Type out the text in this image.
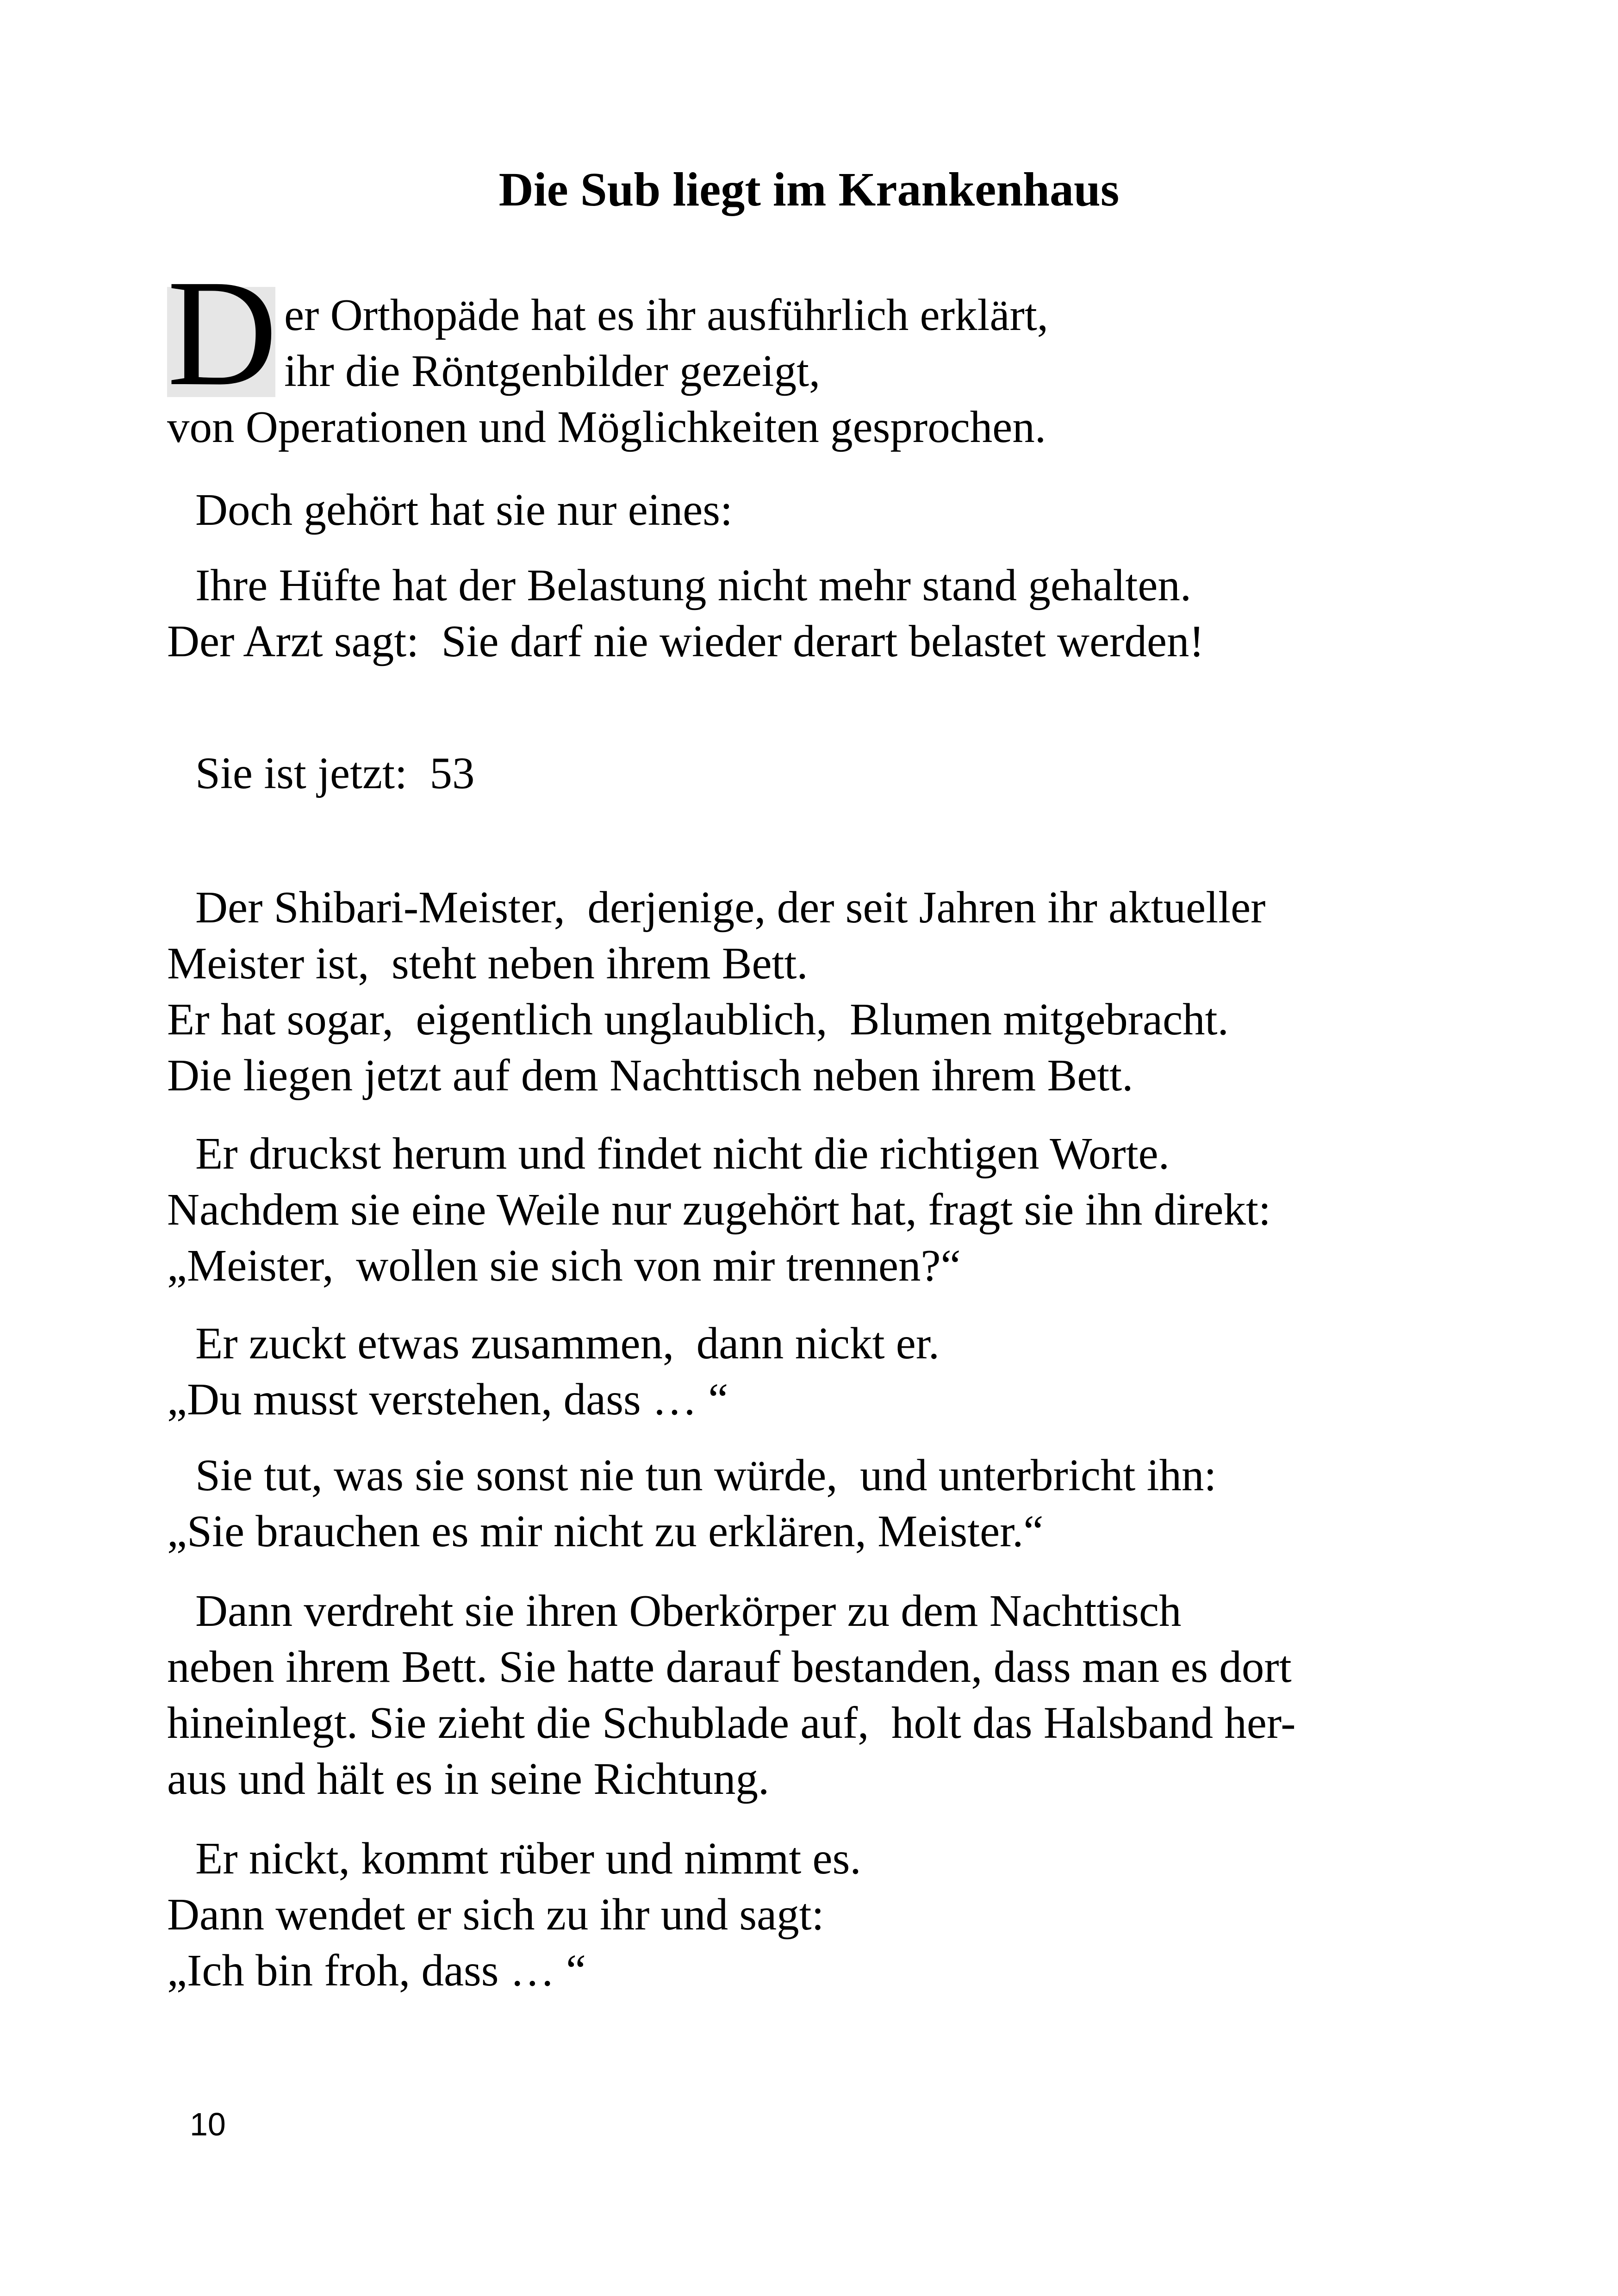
Die Sub liegt im Krankenhaus
D er Orthopäde hat es ihr ausführlich erklärt,
ihr die Röntgenbilder gezeigt,
von Operationen und Möglichkeiten gesprochen.
Doch gehört hat sie nur eines:
Ihre Hüfte hat der Belastung nicht mehr stand gehalten.
Der Arzt sagt:  Sie darf nie wieder derart belastet werden!
Sie ist jetzt:  53
Der Shibari-Meister,  derjenige, der seit Jahren ihr aktueller
Meister ist,  steht neben ihrem Bett.
Er hat sogar,  eigentlich unglaublich,  Blumen mitgebracht.
Die liegen jetzt auf dem Nachttisch neben ihrem Bett.
Er druckst herum und findet nicht die richtigen Worte.
Nachdem sie eine Weile nur zugehört hat, fragt sie ihn direkt:
„Meister,  wollen sie sich von mir trennen?“
Er zuckt etwas zusammen,  dann nickt er.
„Du musst verstehen, dass … “
Sie tut, was sie sonst nie tun würde,  und unterbricht ihn:
„Sie brauchen es mir nicht zu erklären, Meister.“
Dann verdreht sie ihren Oberkörper zu dem Nachttisch
neben ihrem Bett. Sie hatte darauf bestanden, dass man es dort
hineinlegt. Sie zieht die Schublade auf,  holt das Halsband her-
aus und hält es in seine Richtung.
Er nickt, kommt rüber und nimmt es.
Dann wendet er sich zu ihr und sagt:
„Ich bin froh, dass … “
10
